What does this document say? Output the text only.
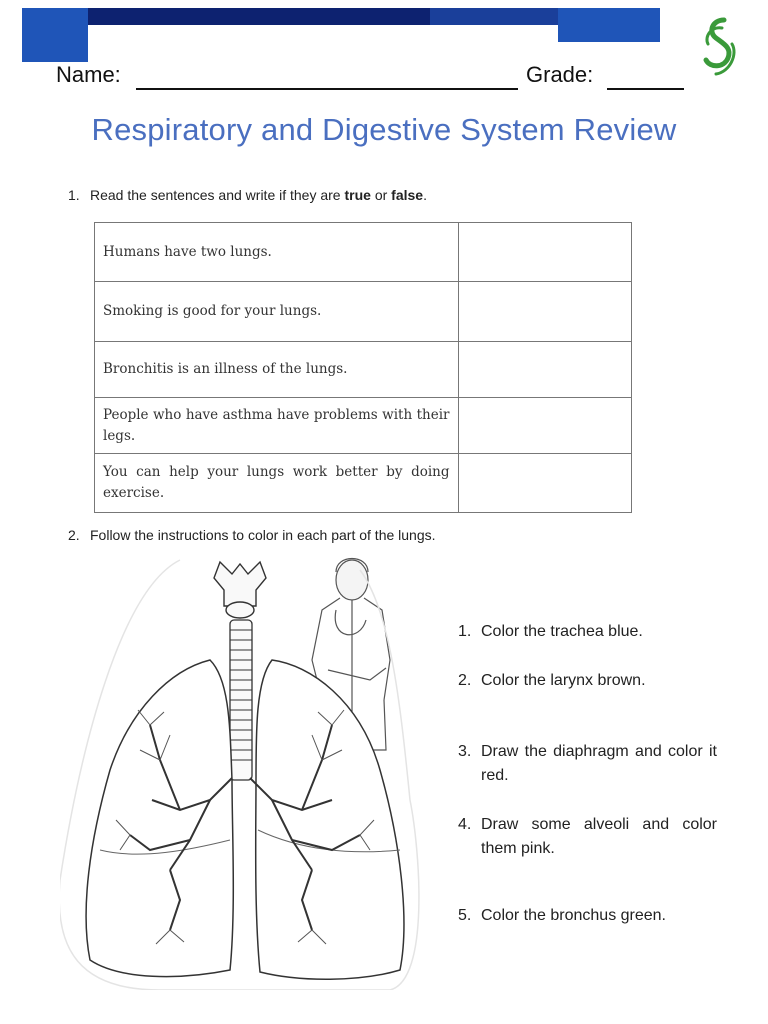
Name:	Grade:
Respiratory and Digestive System Review
1. Read the sentences and write if they are true or false.
Humans have two lungs.	
Smoking is good for your lungs.	
Bronchitis is an illness of the lungs.	
People who have asthma have problems with their legs.	
You can help your lungs work better by doing exercise.	
2. Follow the instructions to color in each part of the lungs.
1. Color the trachea blue.
2. Color the larynx brown.
3. Draw the diaphragm and color it red.
4. Draw some alveoli and color them pink.
5. Color the bronchus green.
